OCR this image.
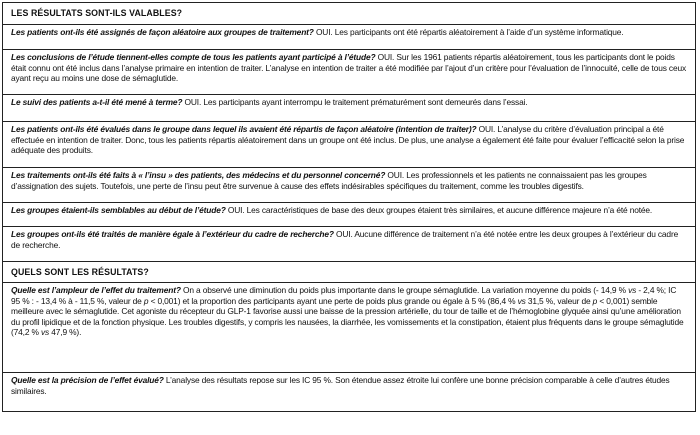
LES RÉSULTATS SONT-ILS VALABLES?
Les patients ont-ils été assignés de façon aléatoire aux groupes de traitement? OUI. Les participants ont été répartis aléatoirement à l’aide d’un système informatique.
Les conclusions de l’étude tiennent-elles compte de tous les patients ayant participé à l’étude? OUI. Sur les 1961 patients répartis aléatoirement, tous les participants dont le poids était connu ont été inclus dans l’analyse primaire en intention de traiter. L’analyse en intention de traiter a été modifiée par l’ajout d’un critère pour l’évaluation de l’innocuité, celle de tous ceux ayant reçu au moins une dose de sémaglutide.
Le suivi des patients a-t-il été mené à terme? OUI. Les participants ayant interrompu le traitement prématurément sont demeurés dans l’essai.
Les patients ont-ils été évalués dans le groupe dans lequel ils avaient été répartis de façon aléatoire (intention de traiter)? OUI. L’analyse du critère d’évaluation principal a été effectuée en intention de traiter. Donc, tous les patients répartis aléatoirement dans un groupe ont été inclus. De plus, une analyse a également été faite pour évaluer l’efficacité selon la prise adéquate des produits.
Les traitements ont-ils été faits à « l’insu » des patients, des médecins et du personnel concerné? OUI. Les professionnels et les patients ne connaissaient pas les groupes d’assignation des sujets. Toutefois, une perte de l’insu peut être survenue à cause des effets indésirables spécifiques du traitement, comme les troubles digestifs.
Les groupes étaient-ils semblables au début de l’étude? OUI. Les caractéristiques de base des deux groupes étaient très similaires, et aucune différence majeure n’a été notée.
Les groupes ont-ils été traités de manière égale à l’extérieur du cadre de recherche? OUI. Aucune différence de traitement n’a été notée entre les deux groupes à l’extérieur du cadre de recherche.
QUELS SONT LES RÉSULTATS?
Quelle est l’ampleur de l’effet du traitement? On a observé une diminution du poids plus importante dans le groupe sémaglutide. La variation moyenne du poids (- 14,9 % vs - 2,4 %; IC 95 % : - 13,4 % à - 11,5 %, valeur de p < 0,001) et la proportion des participants ayant une perte de poids plus grande ou égale à 5 % (86,4 % vs 31,5 %, valeur de p < 0,001) semble meilleure avec le sémaglutide. Cet agoniste du récepteur du GLP-1 favorise aussi une baisse de la pression artérielle, du tour de taille et de l’hémoglobine glyquée ainsi qu’une amélioration du profil lipidique et de la fonction physique. Les troubles digestifs, y compris les nausées, la diarrhée, les vomissements et la constipation, étaient plus fréquents dans le groupe sémaglutide (74,2 % vs 47,9 %).
Quelle est la précision de l’effet évalué? L’analyse des résultats repose sur les IC 95 %. Son étendue assez étroite lui confère une bonne précision comparable à celle d’autres études similaires.
